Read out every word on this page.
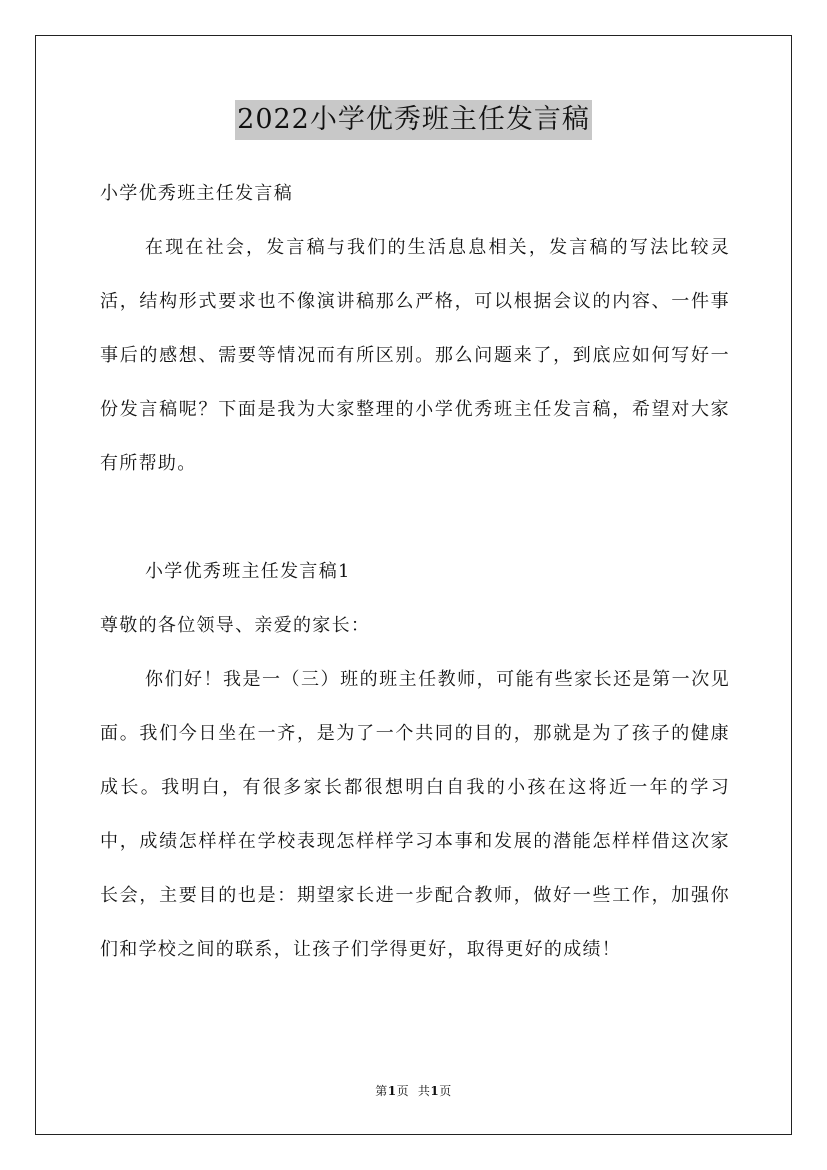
2022小学优秀班主任发言稿

小学优秀班主任发言稿

在现在社会，发言稿与我们的生活息息相关，发言稿的写法比较灵活，结构形式要求也不像演讲稿那么严格，可以根据会议的内容、一件事事后的感想、需要等情况而有所区别。那么问题来了，到底应如何写好一份发言稿呢？下面是我为大家整理的小学优秀班主任发言稿，希望对大家有所帮助。

小学优秀班主任发言稿1

尊敬的各位领导、亲爱的家长：

你们好！我是一（三）班的班主任教师，可能有些家长还是第一次见面。我们今日坐在一齐，是为了一个共同的目的，那就是为了孩子的健康成长。我明白，有很多家长都很想明白自我的小孩在这将近一年的学习中，成绩怎样样在学校表现怎样样学习本事和发展的潜能怎样样借这次家长会，主要目的也是：期望家长进一步配合教师，做好一些工作，加强你们和学校之间的联系，让孩子们学得更好，取得更好的成绩！

第1页 共1页
